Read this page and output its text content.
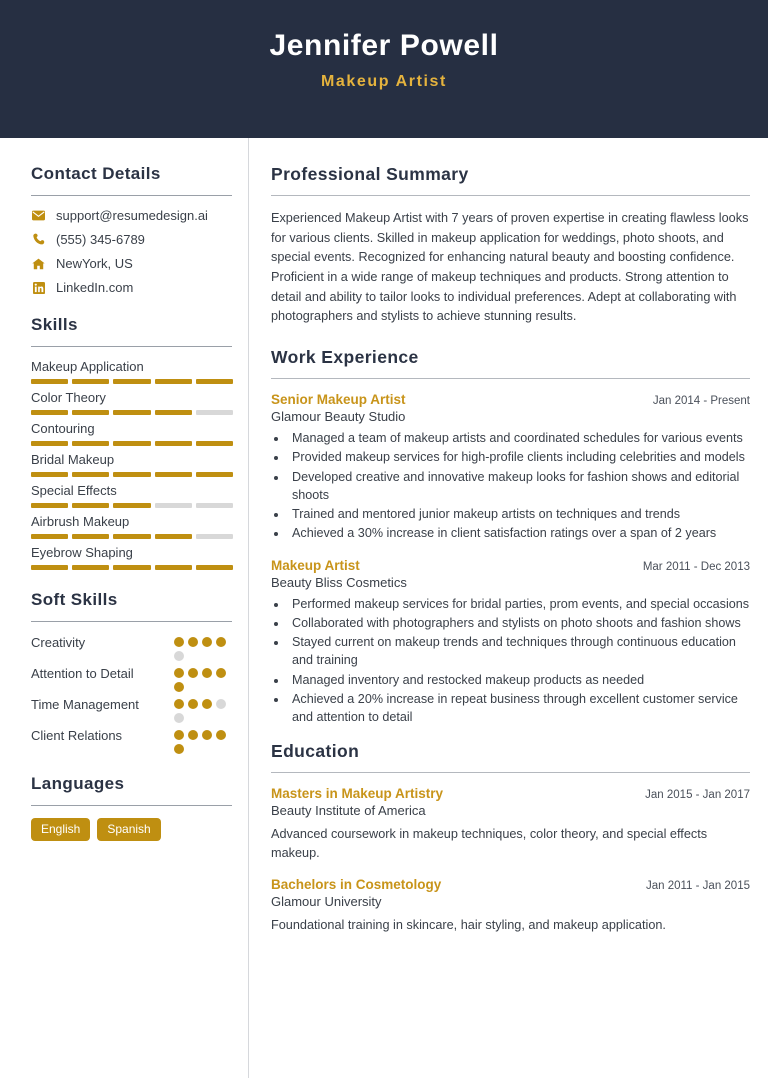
Jennifer Powell
Makeup Artist
Contact Details
support@resumedesign.ai
(555) 345-6789
NewYork, US
LinkedIn.com
Skills
Makeup Application
Color Theory
Contouring
Bridal Makeup
Special Effects
Airbrush Makeup
Eyebrow Shaping
Soft Skills
Creativity
Attention to Detail
Time Management
Client Relations
Languages
English	Spanish
Professional Summary
Experienced Makeup Artist with 7 years of proven expertise in creating flawless looks for various clients. Skilled in makeup application for weddings, photo shoots, and special events. Recognized for enhancing natural beauty and boosting confidence. Proficient in a wide range of makeup techniques and products. Strong attention to detail and ability to tailor looks to individual preferences. Adept at collaborating with photographers and stylists to achieve stunning results.
Work Experience
Senior Makeup Artist	Jan 2014 - Present
Glamour Beauty Studio
• Managed a team of makeup artists and coordinated schedules for various events
• Provided makeup services for high-profile clients including celebrities and models
• Developed creative and innovative makeup looks for fashion shows and editorial shoots
• Trained and mentored junior makeup artists on techniques and trends
• Achieved a 30% increase in client satisfaction ratings over a span of 2 years
Makeup Artist	Mar 2011 - Dec 2013
Beauty Bliss Cosmetics
• Performed makeup services for bridal parties, prom events, and special occasions
• Collaborated with photographers and stylists on photo shoots and fashion shows
• Stayed current on makeup trends and techniques through continuous education and training
• Managed inventory and restocked makeup products as needed
• Achieved a 20% increase in repeat business through excellent customer service and attention to detail
Education
Masters in Makeup Artistry	Jan 2015 - Jan 2017
Beauty Institute of America
Advanced coursework in makeup techniques, color theory, and special effects makeup.
Bachelors in Cosmetology	Jan 2011 - Jan 2015
Glamour University
Foundational training in skincare, hair styling, and makeup application.
